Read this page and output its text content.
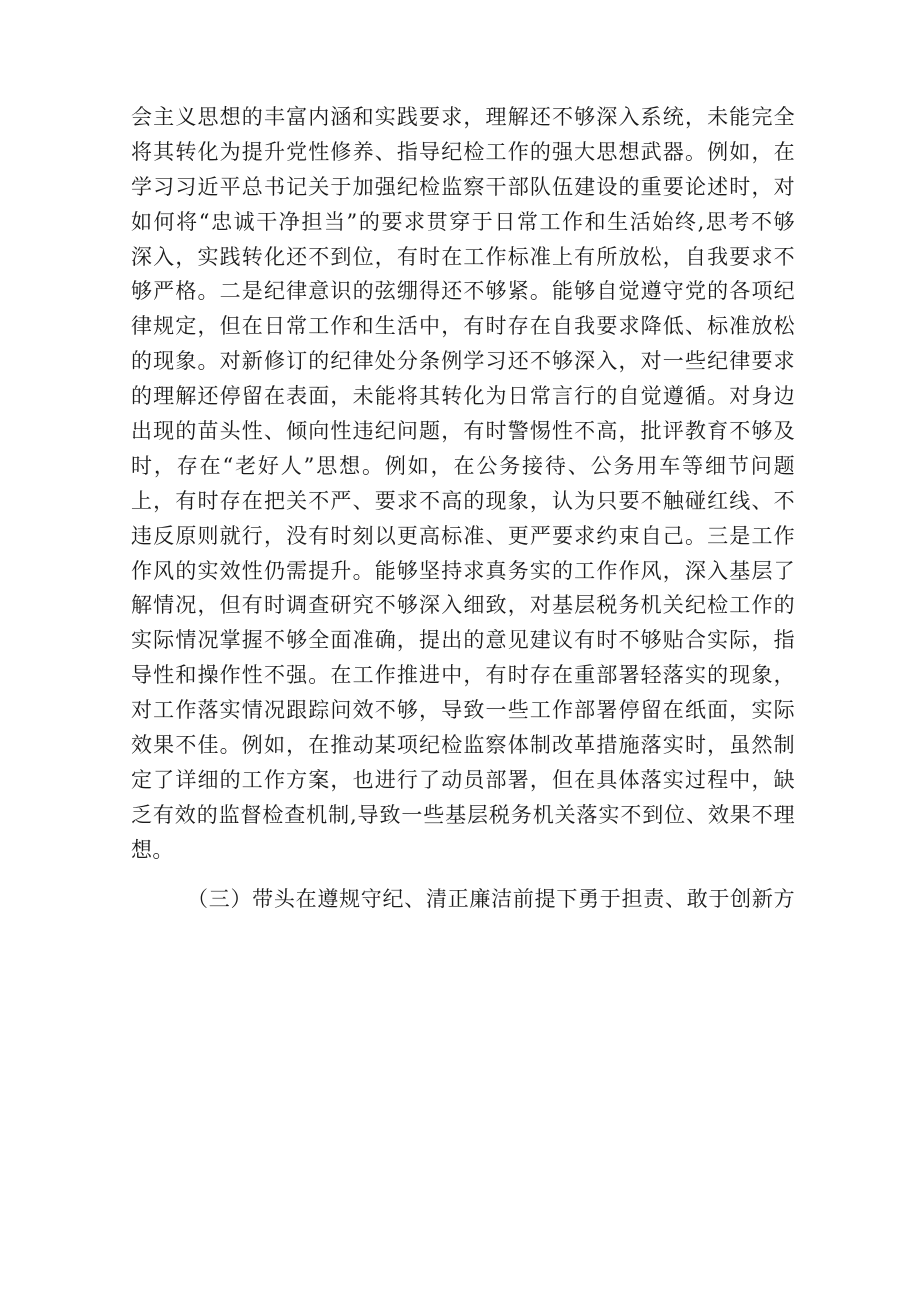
会主义思想的丰富内涵和实践要求，理解还不够深入系统，未能完全
将其转化为提升党性修养、指导纪检工作的强大思想武器。例如，在
学习习近平总书记关于加强纪检监察干部队伍建设的重要论述时，对
如何将“忠诚干净担当”的要求贯穿于日常工作和生活始终,思考不够
深入，实践转化还不到位，有时在工作标准上有所放松，自我要求不
够严格。二是纪律意识的弦绷得还不够紧。能够自觉遵守党的各项纪
律规定，但在日常工作和生活中，有时存在自我要求降低、标准放松
的现象。对新修订的纪律处分条例学习还不够深入，对一些纪律要求
的理解还停留在表面，未能将其转化为日常言行的自觉遵循。对身边
出现的苗头性、倾向性违纪问题，有时警惕性不高，批评教育不够及
时，存在“老好人”思想。例如，在公务接待、公务用车等细节问题
上，有时存在把关不严、要求不高的现象，认为只要不触碰红线、不
违反原则就行，没有时刻以更高标准、更严要求约束自己。三是工作
作风的实效性仍需提升。能够坚持求真务实的工作作风，深入基层了
解情况，但有时调查研究不够深入细致，对基层税务机关纪检工作的
实际情况掌握不够全面准确，提出的意见建议有时不够贴合实际，指
导性和操作性不强。在工作推进中，有时存在重部署轻落实的现象，
对工作落实情况跟踪问效不够，导致一些工作部署停留在纸面，实际
效果不佳。例如，在推动某项纪检监察体制改革措施落实时，虽然制
定了详细的工作方案，也进行了动员部署，但在具体落实过程中，缺
乏有效的监督检查机制,导致一些基层税务机关落实不到位、效果不理
想。
（三）带头在遵规守纪、清正廉洁前提下勇于担责、敢于创新方
